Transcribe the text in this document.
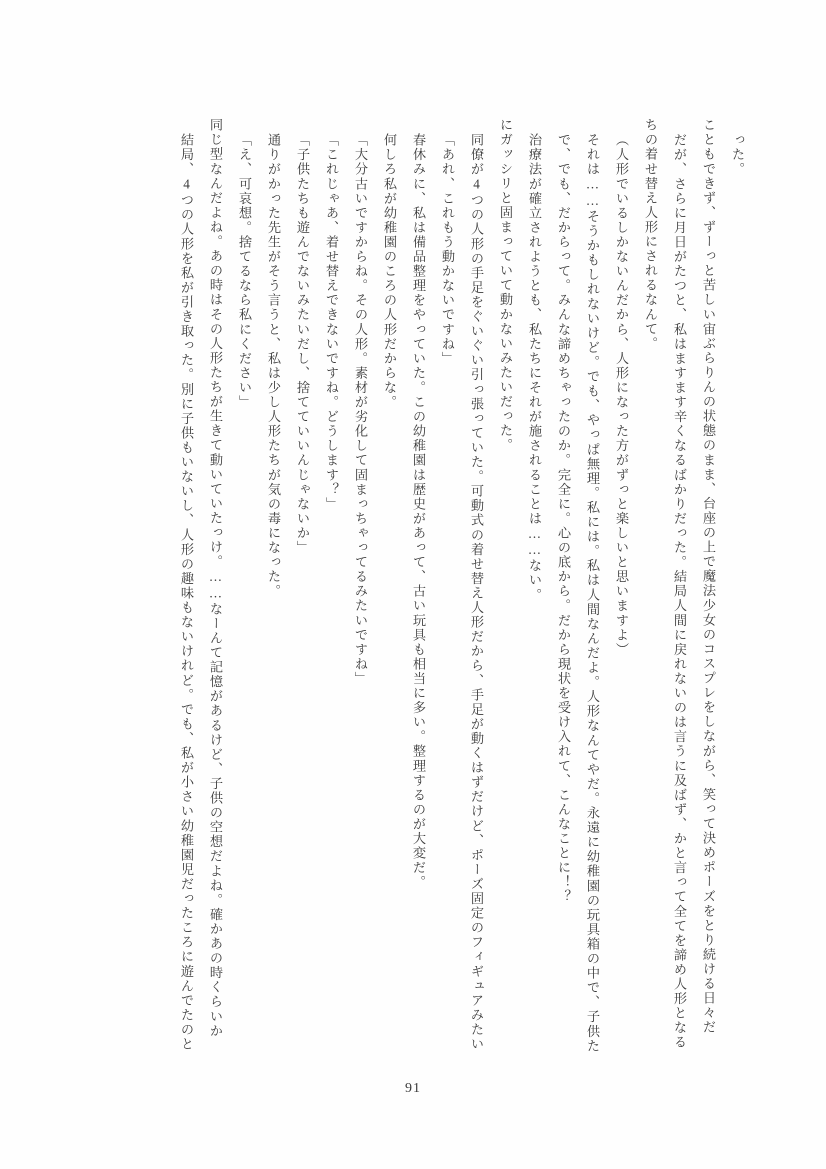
った。
こともできず、ずーっと苦しい宙ぶらりんの状態のまま、台座の上で魔法少女のコスプレをしながら、笑って決めポーズをとり続ける日々だ
だが、さらに月日がたつと、私はますます辛くなるばかりだった。結局人間に戻れないのは言うに及ばず、かと言って全てを諦め人形となる
ちの着せ替え人形にされるなんて。
（人形でいるしかないんだから、人形になった方がずっと楽しいと思いますよ）
それは……そうかもしれないけど。でも、やっぱ無理。私には。私は人間なんだよ。人形なんてやだ。永遠に幼稚園の玩具箱の中で、子供た
で、でも、だからって。みんな諦めちゃったのか。完全に。心の底から。だから現状を受け入れて、こんなことに！？
治療法が確立されようとも、私たちにそれが施されることは……ない。
にガッシリと固まっていて動かないみたいだった。
同僚が4つの人形の手足をぐいぐい引っ張っていた。可動式の着せ替え人形だから、手足が動くはずだけど、ポーズ固定のフィギュアみたい
「あれ、これもう動かないですね」
春休みに、私は備品整理をやっていた。この幼稚園は歴史があって、古い玩具も相当に多い。整理するのが大変だ。
何しろ私が幼稚園のころの人形だからな。
「大分古いですからね。その人形。素材が劣化して固まっちゃってるみたいですね」
「これじゃあ、着せ替えできないですね。どうします？」
「子供たちも遊んでないみたいだし、捨てていいんじゃないか」
通りがかった先生がそう言うと、私は少し人形たちが気の毒になった。
「え、可哀想。捨てるなら私にください」
同じ型なんだよね。あの時はその人形たちが生きて動いていたっけ。……なーんて記憶があるけど、子供の空想だよね。確かあの時くらいか
結局、4つの人形を私が引き取った。別に子供もいないし、人形の趣味もないけれど。でも、私が小さい幼稚園児だったころに遊んでたのと
91
